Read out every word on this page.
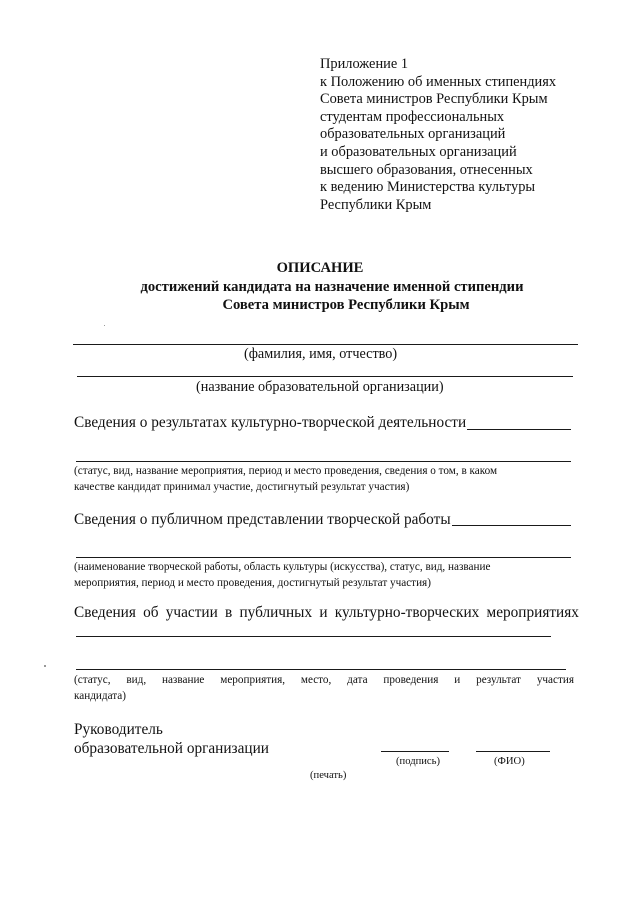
Приложение 1
к Положению об именных стипендиях
Совета министров Республики Крым
студентам профессиональных
образовательных организаций
и образовательных организаций
высшего образования, отнесенных
к ведению Министерства культуры
Республики Крым
ОПИСАНИЕ
достижений кандидата на назначение именной стипендии
Совета министров Республики Крым
(фамилия, имя, отчество)
(название образовательной организации)
Сведения о результатах культурно-творческой деятельности
(статус, вид, название мероприятия, период и место проведения, сведения о том, в каком
качестве кандидат принимал участие, достигнутый результат участия)
Сведения о публичном представлении творческой работы
(наименование творческой работы, область культуры (искусства), статус, вид, название
мероприятия, период и место проведения, достигнутый результат участия)
Сведения об участии в публичных и культурно-творческих мероприятиях
(статус, вид, название мероприятия, место, дата проведения и результат участия
кандидата)
Руководитель
образовательной организации
(подпись)	(ФИО)
(печать)
